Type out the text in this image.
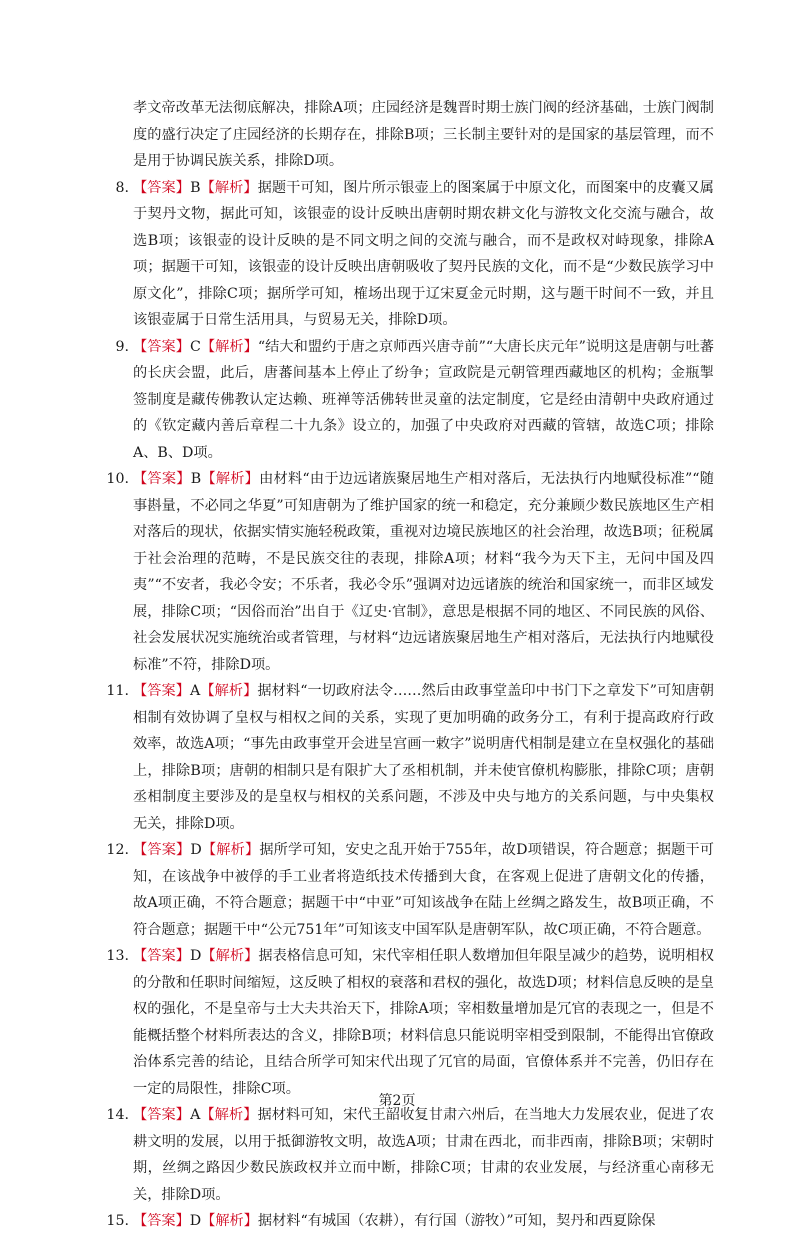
孝文帝改革无法彻底解决，排除A项；庄园经济是魏晋时期士族门阀的经济基础，士族门阀制度的盛行决定了庄园经济的长期存在，排除B项；三长制主要针对的是国家的基层管理，而不是用于协调民族关系，排除D项。
8. 【答案】B【解析】据题干可知，图片所示银壶上的图案属于中原文化，而图案中的皮囊又属于契丹文物，据此可知，该银壶的设计反映出唐朝时期农耕文化与游牧文化交流与融合，故选B项；该银壶的设计反映的是不同文明之间的交流与融合，而不是政权对峙现象，排除A项；据题干可知，该银壶的设计反映出唐朝吸收了契丹民族的文化，而不是“少数民族学习中原文化”，排除C项；据所学可知，榷场出现于辽宋夏金元时期，这与题干时间不一致，并且该银壶属于日常生活用具，与贸易无关，排除D项。
9. 【答案】C【解析】“结大和盟约于唐之京师西兴唐寺前”“大唐长庆元年”说明这是唐朝与吐蕃的长庆会盟，此后，唐蕃间基本上停止了纷争；宣政院是元朝管理西藏地区的机构；金瓶掣签制度是藏传佛教认定达赖、班禅等活佛转世灵童的法定制度，它是经由清朝中央政府通过的《钦定藏内善后章程二十九条》设立的，加强了中央政府对西藏的管辖，故选C项；排除A、B、D项。
10. 【答案】B【解析】由材料“由于边远诸族聚居地生产相对落后，无法执行内地赋役标准”“随事斟量，不必同之华夏”可知唐朝为了维护国家的统一和稳定，充分兼顾少数民族地区生产相对落后的现状，依据实情实施轻税政策，重视对边境民族地区的社会治理，故选B项；征税属于社会治理的范畴，不是民族交往的表现，排除A项；材料“我今为天下主，无问中国及四夷”“不安者，我必令安；不乐者，我必令乐”强调对边远诸族的统治和国家统一，而非区域发展，排除C项；“因俗而治”出自于《辽史·官制》，意思是根据不同的地区、不同民族的风俗、社会发展状况实施统治或者管理，与材料“边远诸族聚居地生产相对落后，无法执行内地赋役标准”不符，排除D项。
11. 【答案】A【解析】据材料“一切政府法令……然后由政事堂盖印中书门下之章发下”可知唐朝相制有效协调了皇权与相权之间的关系，实现了更加明确的政务分工，有利于提高政府行政效率，故选A项；“事先由政事堂开会进呈宫画一敕字”说明唐代相制是建立在皇权强化的基础上，排除B项；唐朝的相制只是有限扩大了丞相机制，并未使官僚机构膨胀，排除C项；唐朝丞相制度主要涉及的是皇权与相权的关系问题，不涉及中央与地方的关系问题，与中央集权无关，排除D项。
12. 【答案】D【解析】据所学可知，安史之乱开始于755年，故D项错误，符合题意；据题干可知，在该战争中被俘的手工业者将造纸技术传播到大食，在客观上促进了唐朝文化的传播，故A项正确，不符合题意；据题干中“中亚”可知该战争在陆上丝绸之路发生，故B项正确，不符合题意；据题干中“公元751年”可知该支中国军队是唐朝军队，故C项正确，不符合题意。
13. 【答案】D【解析】据表格信息可知，宋代宰相任职人数增加但年限呈减少的趋势，说明相权的分散和任职时间缩短，这反映了相权的衰落和君权的强化，故选D项；材料信息反映的是皇权的强化，不是皇帝与士大夫共治天下，排除A项；宰相数量增加是冗官的表现之一，但是不能概括整个材料所表达的含义，排除B项；材料信息只能说明宰相受到限制，不能得出官僚政治体系完善的结论，且结合所学可知宋代出现了冗官的局面，官僚体系并不完善，仍旧存在一定的局限性，排除C项。
14. 【答案】A【解析】据材料可知，宋代王韶收复甘肃六州后，在当地大力发展农业，促进了农耕文明的发展，以用于抵御游牧文明，故选A项；甘肃在西北，而非西南，排除B项；宋朝时期，丝绸之路因少数民族政权并立而中断，排除C项；甘肃的农业发展，与经济重心南移无关，排除D项。
15. 【答案】D【解析】据材料“有城国（农耕），有行国（游牧）”可知，契丹和西夏除保
第2页
